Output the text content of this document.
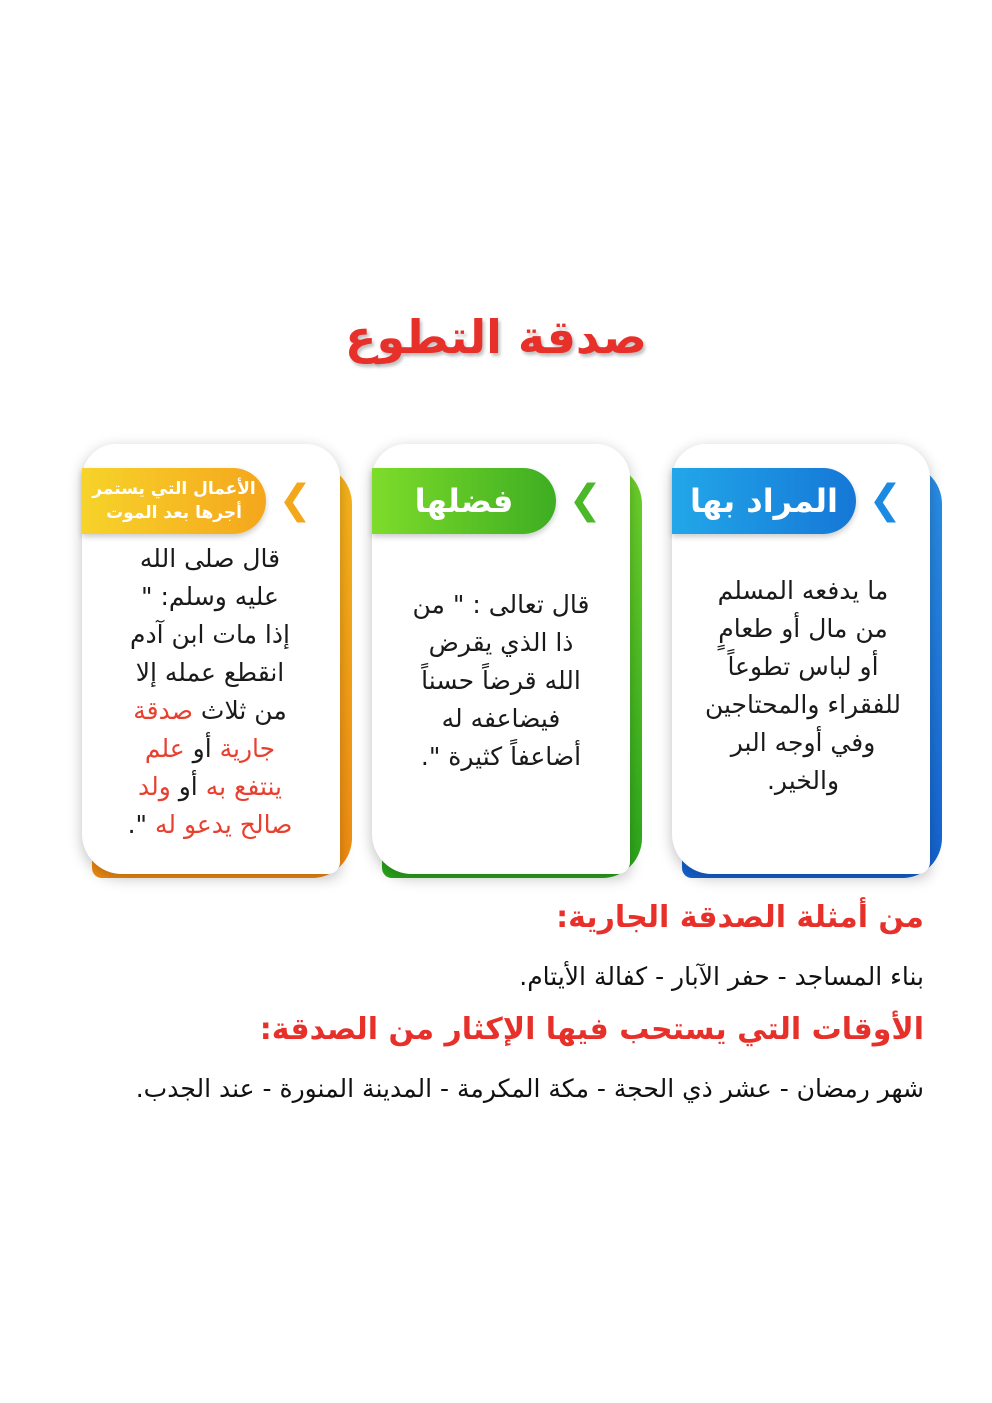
صدقة التطوع
المراد بها ❮
ما يدفعه المسلم
من مال أو طعامٍ
أو لباس تطوعاً
للفقراء والمحتاجين
وفي أوجه البر
والخير.
فضلها	❮
قال تعالى : " من
ذا الذي يقرض
الله قرضاً حسناً
فيضاعفه له
أضاعفاً كثيرة ".
الأعمال التي يستمر
أجرها بعد الموت ❮
قال صلى الله
عليه وسلم: "
إذا مات ابن آدم
انقطع عمله إلا
من ثلاث صدقة
جارية أو علم
ينتفع به أو ولد
صالح يدعو له ".
من أمثلة الصدقة الجارية:
بناء المساجد - حفر الآبار - كفالة الأيتام.
الأوقات التي يستحب فيها الإكثار من الصدقة:
شهر رمضان - عشر ذي الحجة - مكة المكرمة - المدينة المنورة - عند الجدب.
